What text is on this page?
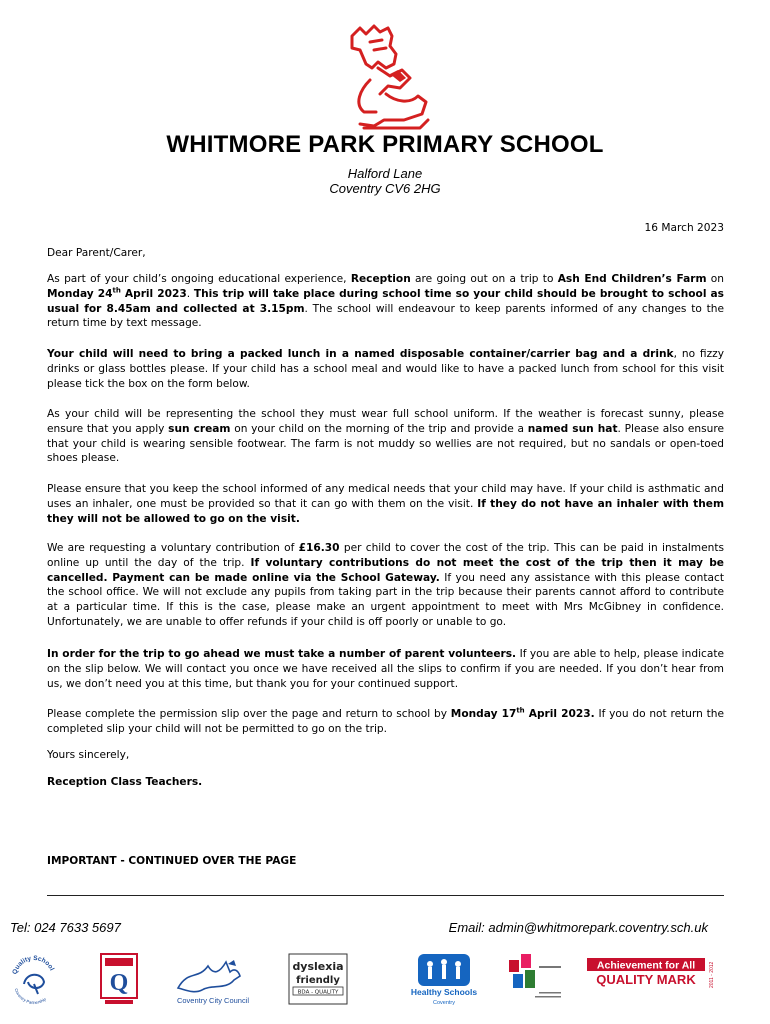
WHITMORE PARK PRIMARY SCHOOL
Halford Lane
Coventry CV6 2HG
16 March 2023
Dear Parent/Carer,
As part of your child’s ongoing educational experience, Reception are going out on a trip to Ash End Children’s Farm on Monday 24th April 2023. This trip will take place during school time so your child should be brought to school as usual for 8.45am and collected at 3.15pm. The school will endeavour to keep parents informed of any changes to the return time by text message.
Your child will need to bring a packed lunch in a named disposable container/carrier bag and a drink, no fizzy drinks or glass bottles please. If your child has a school meal and would like to have a packed lunch from school for this visit please tick the box on the form below.
As your child will be representing the school they must wear full school uniform. If the weather is forecast sunny, please ensure that you apply sun cream on your child on the morning of the trip and provide a named sun hat. Please also ensure that your child is wearing sensible footwear. The farm is not muddy so wellies are not required, but no sandals or open-toed shoes please.
Please ensure that you keep the school informed of any medical needs that your child may have. If your child is asthmatic and uses an inhaler, one must be provided so that it can go with them on the visit. If they do not have an inhaler with them they will not be allowed to go on the visit.
We are requesting a voluntary contribution of £16.30 per child to cover the cost of the trip. This can be paid in instalments online up until the day of the trip. If voluntary contributions do not meet the cost of the trip then it may be cancelled. Payment can be made online via the School Gateway. If you need any assistance with this please contact the school office. We will not exclude any pupils from taking part in the trip because their parents cannot afford to contribute at a particular time. If this is the case, please make an urgent appointment to meet with Mrs McGibney in confidence. Unfortunately, we are unable to offer refunds if your child is off poorly or unable to go.
In order for the trip to go ahead we must take a number of parent volunteers. If you are able to help, please indicate on the slip below. We will contact you once we have received all the slips to confirm if you are needed. If you don’t hear from us, we don’t need you at this time, but thank you for your continued support.
Please complete the permission slip over the page and return to school by Monday 17th April 2023. If you do not return the completed slip your child will not be permitted to go on the trip.
Yours sincerely,
Reception Class Teachers.
IMPORTANT - CONTINUED OVER THE PAGE
Tel: 024 7633 5697	Email: admin@whitmorepark.coventry.sch.uk
Quality School
Coventry Partnership
Q
Coventry City Council
dyslexia
friendly
BDA - QUALITY	Healthy Schools
Coventry
Achievement for All
QUALITY MARK	2011 - 2012
